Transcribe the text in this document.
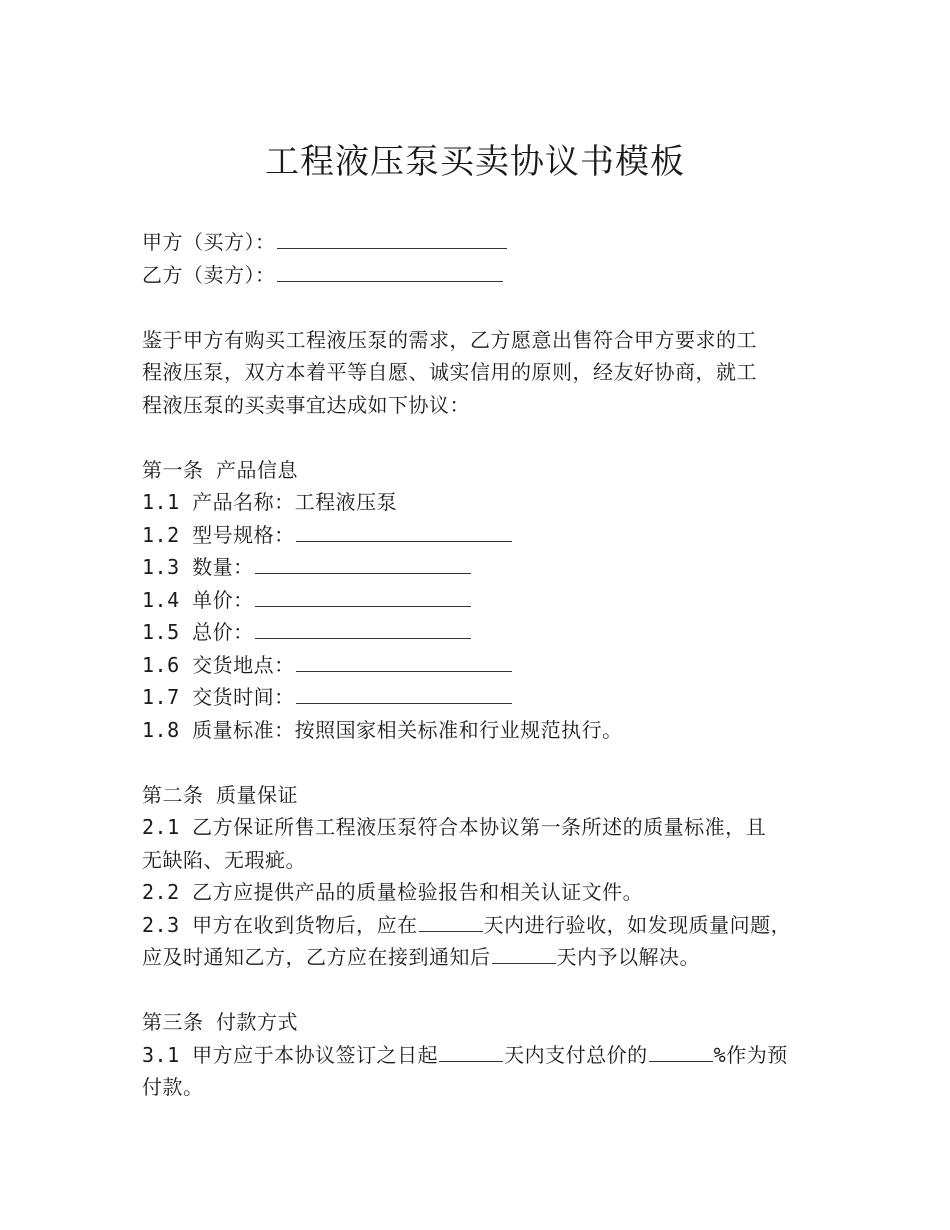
工程液压泵买卖协议书模板
甲方（买方）：
乙方（卖方）：
鉴于甲方有购买工程液压泵的需求，乙方愿意出售符合甲方要求的工
程液压泵，双方本着平等自愿、诚实信用的原则，经友好协商，就工
程液压泵的买卖事宜达成如下协议：
第一条 产品信息
1.1 产品名称：工程液压泵
1.2 型号规格：
1.3 数量：
1.4 单价：
1.5 总价：
1.6 交货地点：
1.7 交货时间：
1.8 质量标准：按照国家相关标准和行业规范执行。
第二条 质量保证
2.1 乙方保证所售工程液压泵符合本协议第一条所述的质量标准，且
无缺陷、无瑕疵。
2.2 乙方应提供产品的质量检验报告和相关认证文件。
2.3 甲方在收到货物后，应在	天内进行验收，如发现质量问题，
应及时通知乙方，乙方应在接到通知后	天内予以解决。
第三条 付款方式
3.1 甲方应于本协议签订之日起	天内支付总价的	%作为预
付款。
